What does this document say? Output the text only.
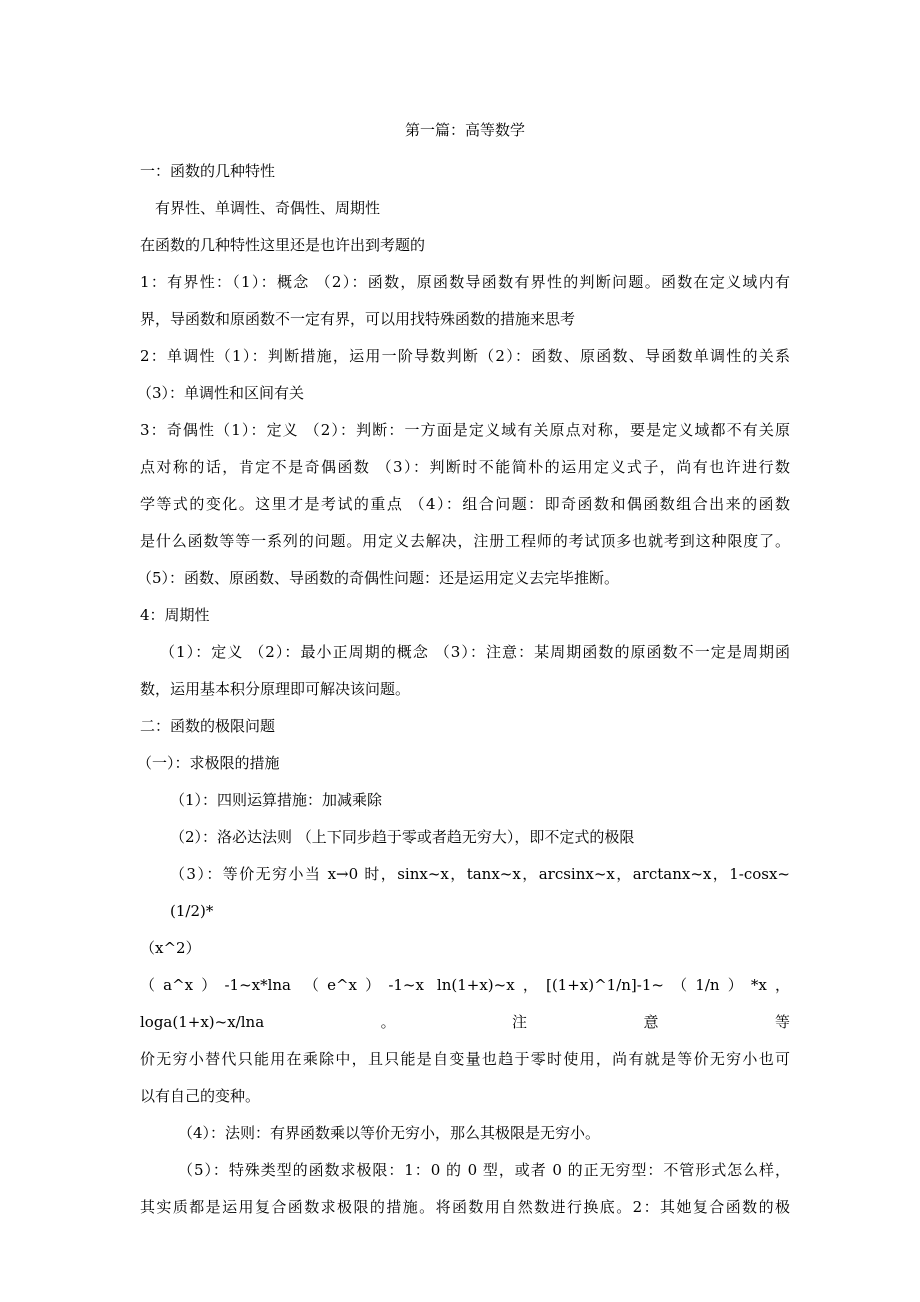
第一篇：高等数学
一：函数的几种特性
有界性、单调性、奇偶性、周期性
在函数的几种特性这里还是也许出到考题的
1：有界性：（1）：概念 （2）：函数，原函数导函数有界性的判断问题。函数在定义域内有
界，导函数和原函数不一定有界，可以用找特殊函数的措施来思考
2：单调性（1）：判断措施，运用一阶导数判断（2）：函数、原函数、导函数单调性的关系
（3）：单调性和区间有关
3：奇偶性（1）：定义 （2）：判断：一方面是定义域有关原点对称，要是定义域都不有关原
点对称的话，肯定不是奇偶函数 （3）：判断时不能简朴的运用定义式子，尚有也许进行数
学等式的变化。这里才是考试的重点 （4）：组合问题：即奇函数和偶函数组合出来的函数
是什么函数等等一系列的问题。用定义去解决，注册工程师的考试顶多也就考到这种限度了。
（5）：函数、原函数、导函数的奇偶性问题：还是运用定义去完毕推断。
4：周期性
（1）：定义 （2）：最小正周期的概念 （3）：注意：某周期函数的原函数不一定是周期函
数，运用基本积分原理即可解决该问题。
二：函数的极限问题
（一）：求极限的措施
（1）：四则运算措施：加减乘除
（2）：洛必达法则 （上下同步趋于零或者趋无穷大），即不定式的极限
（3）：等价无穷小当 x→0 时，sinx~x，tanx~x，arcsinx~x，arctanx~x，1-cosx~(1/2)*
（x^2）
（a^x）-1~x*lna （e^x）-1~x ln(1+x)~x，[(1+x)^1/n]-1~（1/n）*x，loga(1+x)~x/lna。注意等
价无穷小替代只能用在乘除中，且只能是自变量也趋于零时使用，尚有就是等价无穷小也可
以有自己的变种。
（4）：法则：有界函数乘以等价无穷小，那么其极限是无穷小。
（5）：特殊类型的函数求极限：1：0 的 0 型，或者 0 的正无穷型：不管形式怎么样，
其实质都是运用复合函数求极限的措施。将函数用自然数进行换底。2：其她复合函数的极
